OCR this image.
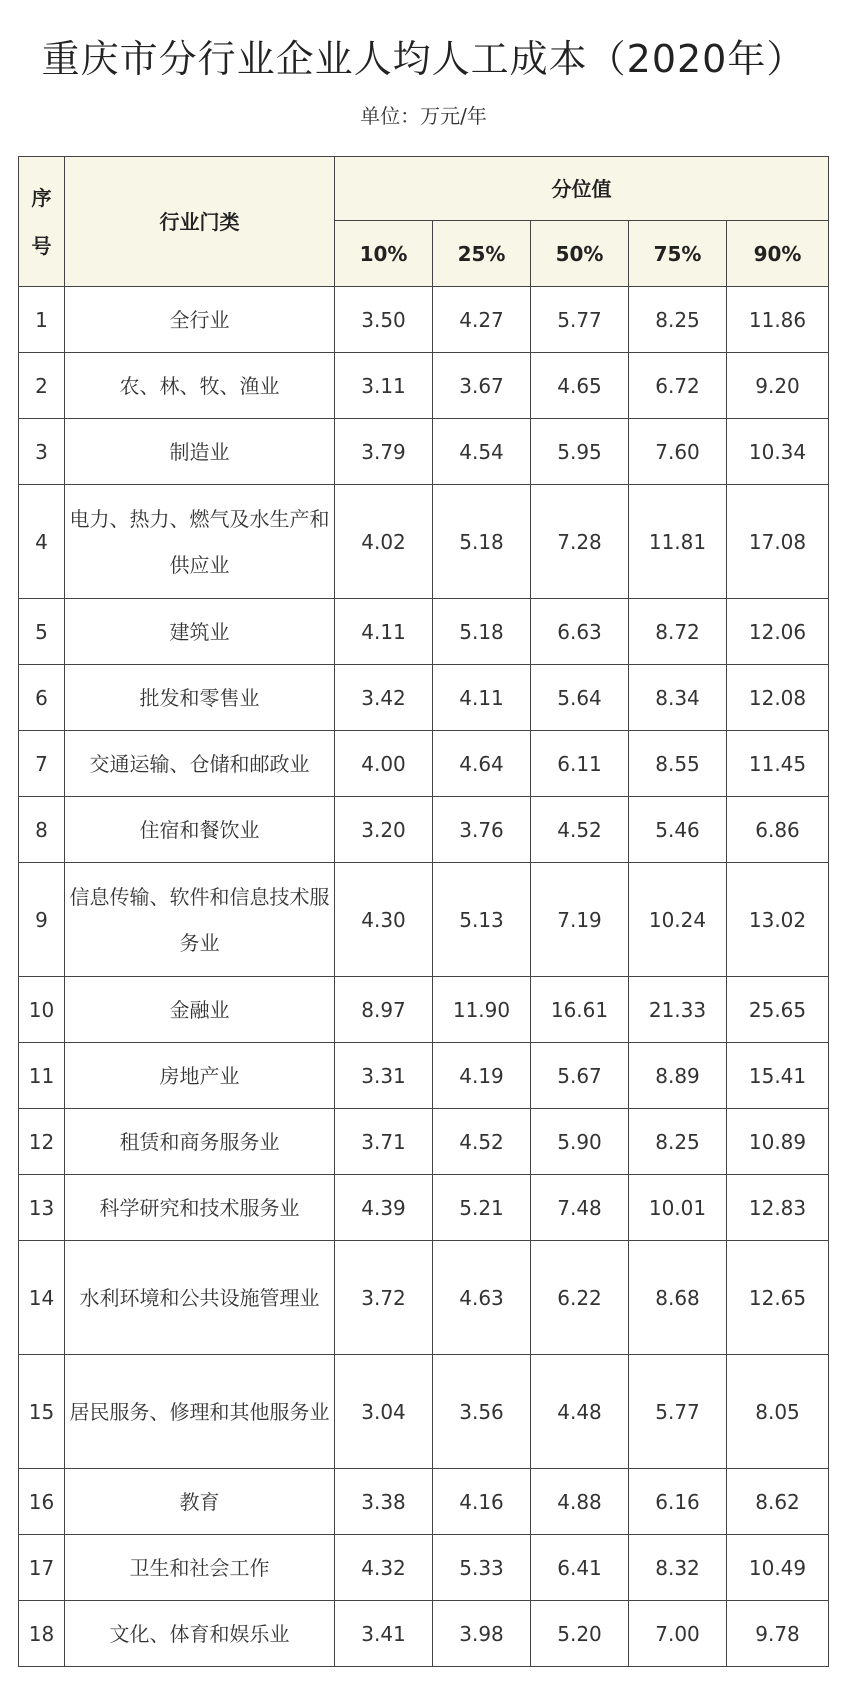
重庆市分行业企业人均人工成本（2020年）
单位：万元/年
序号	行业门类	分位值				
		10%	25%	50%	75%	90%
1	全行业	3.50	4.27	5.77	8.25	11.86
2	农、林、牧、渔业	3.11	3.67	4.65	6.72	9.20
3	制造业	3.79	4.54	5.95	7.60	10.34
4	电力、热力、燃气及水生产和供应业	4.02	5.18	7.28	11.81	17.08
5	建筑业	4.11	5.18	6.63	8.72	12.06
6	批发和零售业	3.42	4.11	5.64	8.34	12.08
7	交通运输、仓储和邮政业	4.00	4.64	6.11	8.55	11.45
8	住宿和餐饮业	3.20	3.76	4.52	5.46	6.86
9	信息传输、软件和信息技术服务业	4.30	5.13	7.19	10.24	13.02
10	金融业	8.97	11.90	16.61	21.33	25.65
11	房地产业	3.31	4.19	5.67	8.89	15.41
12	租赁和商务服务业	3.71	4.52	5.90	8.25	10.89
13	科学研究和技术服务业	4.39	5.21	7.48	10.01	12.83
14	水利环境和公共设施管理业	3.72	4.63	6.22	8.68	12.65
15	居民服务、修理和其他服务业	3.04	3.56	4.48	5.77	8.05
16	教育	3.38	4.16	4.88	6.16	8.62
17	卫生和社会工作	4.32	5.33	6.41	8.32	10.49
18	文化、体育和娱乐业	3.41	3.98	5.20	7.00	9.78
